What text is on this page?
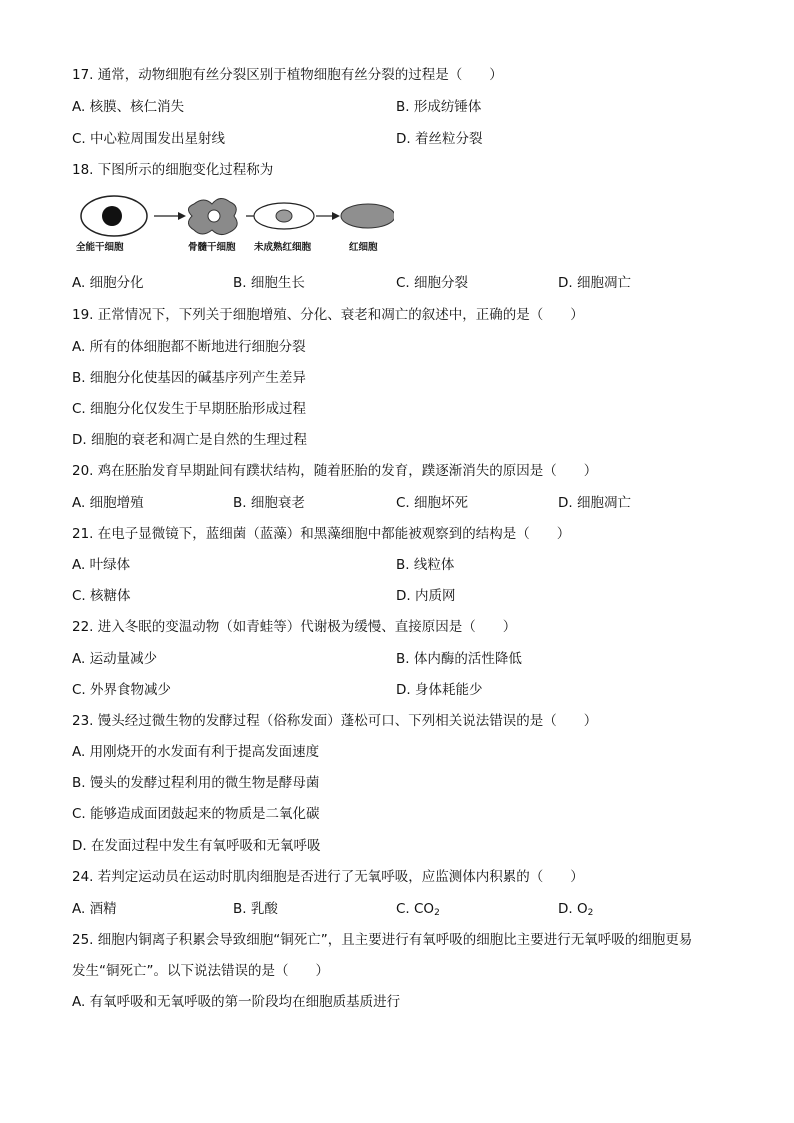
17. 通常，动物细胞有丝分裂区别于植物细胞有丝分裂的过程是（　　）
A. 核膜、核仁消失	B. 形成纺锤体
C. 中心粒周围发出星射线	D. 着丝粒分裂
18. 下图所示的细胞变化过程称为
全能干细胞	骨髓干细胞 未成熟红细胞	红细胞
A. 细胞分化	B. 细胞生长	C. 细胞分裂	D. 细胞凋亡
19. 正常情况下，下列关于细胞增殖、分化、衰老和凋亡的叙述中，正确的是（　　）
A. 所有的体细胞都不断地进行细胞分裂
B. 细胞分化使基因的碱基序列产生差异
C. 细胞分化仅发生于早期胚胎形成过程
D. 细胞的衰老和凋亡是自然的生理过程
20. 鸡在胚胎发育早期趾间有蹼状结构，随着胚胎的发育，蹼逐渐消失的原因是（　　）
A. 细胞增殖	B. 细胞衰老	C. 细胞坏死	D. 细胞凋亡
21. 在电子显微镜下，蓝细菌（蓝藻）和黑藻细胞中都能被观察到的结构是（　　）
A. 叶绿体	B. 线粒体
C. 核糖体	D. 内质网
22. 进入冬眠的变温动物（如青蛙等）代谢极为缓慢、直接原因是（　　）
A. 运动量减少	B. 体内酶的活性降低
C. 外界食物减少	D. 身体耗能少
23. 馒头经过微生物的发酵过程（俗称发面）蓬松可口、下列相关说法错误的是（　　）
A. 用刚烧开的水发面有利于提高发面速度
B. 馒头的发酵过程利用的微生物是酵母菌
C. 能够造成面团鼓起来的物质是二氧化碳
D. 在发面过程中发生有氧呼吸和无氧呼吸
24. 若判定运动员在运动时肌肉细胞是否进行了无氧呼吸，应监测体内积累的（　　）
A. 酒精	B. 乳酸	C. $CO_2$	D. $O_2$
25. 细胞内铜离子积累会导致细胞“铜死亡”，且主要进行有氧呼吸的细胞比主要进行无氧呼吸的细胞更易
发生“铜死亡”。以下说法错误的是（　　）
A. 有氧呼吸和无氧呼吸的第一阶段均在细胞质基质进行
